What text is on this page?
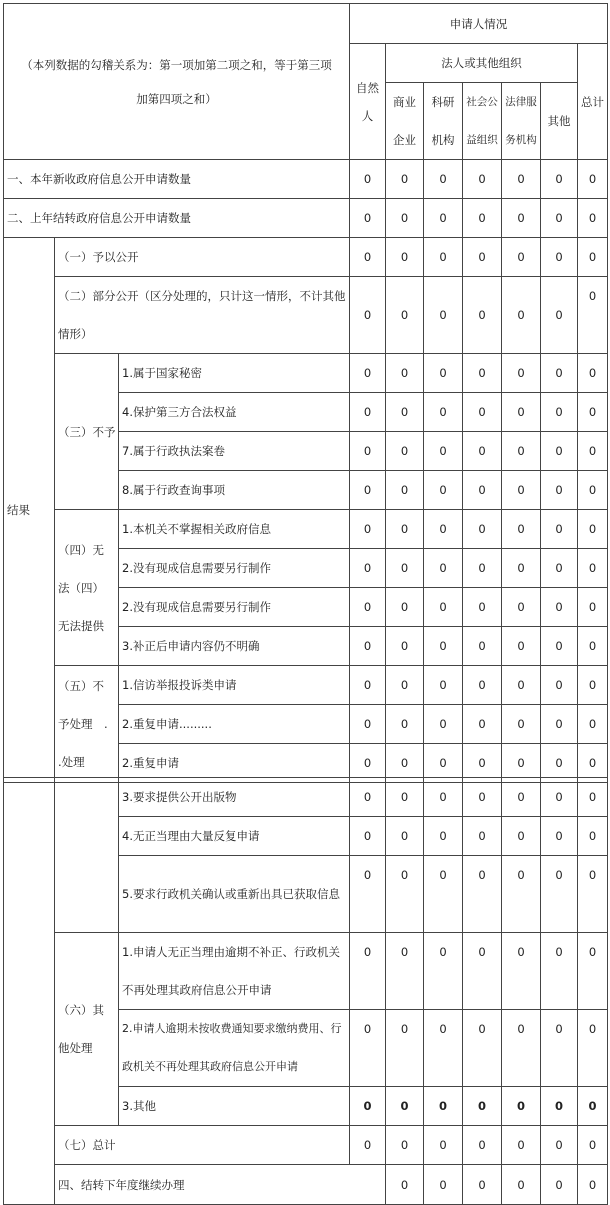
（本列数据的勾稽关系为：第一项加第二项之和，等于第三项加第四项之和）			申请人情况						
			自然人	法人或其他组织					总计
				商业企业	科研机构	社会公益组织	法律服务机构	其他	

一、本年新收政府信息公开申请数量			0	0	0	0	0	0	0
二、上年结转政府信息公开申请数量			0	0	0	0	0	0	0
结果	（一）予以公开		0	0	0	0	0	0	0
	（二）部分公开（区分处理的，只计这一情形，不计其他情形）		0	0	0	0	0	0	0
	（三）不予	1.属于国家秘密	0	0	0	0	0	0	0
		4.保护第三方合法权益	0	0	0	0	0	0	0
		7.属于行政执法案卷	0	0	0	0	0	0	0
		8.属于行政查询事项	0	0	0	0	0	0	0
	（四）无法（四）无法提供	1.本机关不掌握相关政府信息	0	0	0	0	0	0	0
		2.没有现成信息需要另行制作	0	0	0	0	0	0	0
		2.没有现成信息需要另行制作	0	0	0	0	0	0	0
		3.补正后申请内容仍不明确	0	0	0	0	0	0	0
	（五）不予处理　. .处理	1.信访举报投诉类申请	0	0	0	0	0	0	0
		2.重复申请.........	0	0	0	0	0	0	0
		2.重复申请	0	0	0	0	0	0	0
		3.要求提供公开出版物	0	0	0	0	0	0	0	
		4.无正当理由大量反复申请	0	0	0	0	0	0	0	
		5.要求行政机关确认或重新出具已获取信息	0	0	0	0	0	0	0	
	（六）其他处理	1.申请人无正当理由逾期不补正、行政机关不再处理其政府信息公开申请	0	0	0	0	0	0	0	
		2.申请人逾期未按收费通知要求缴纳费用、行政机关不再处理其政府信息公开申请	0	0	0	0	0	0	0	
		3.其他	0	0	0	0	0	0	0	
	（七）总计		0	0	0	0	0	0	0	
	四、结转下年度继续办理			0	0	0	0	0	0	
